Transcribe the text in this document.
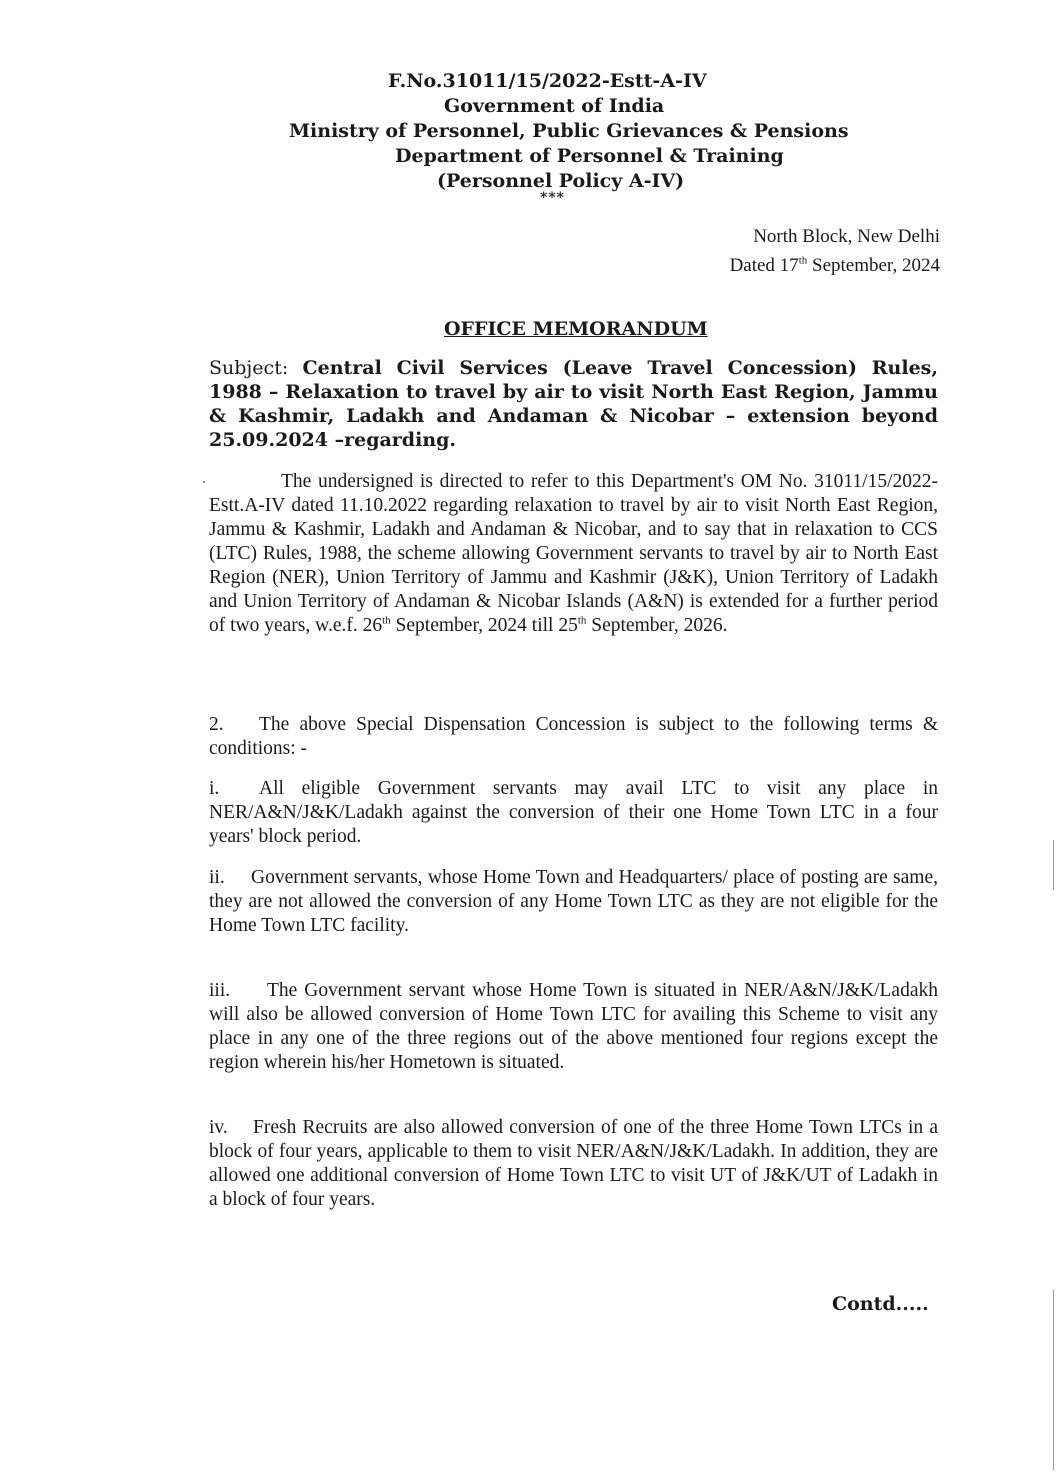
F.No.31011/15/2022-Estt-A-IV
Government of India
Ministry of Personnel, Public Grievances & Pensions
Department of Personnel & Training
(Personnel Policy A-IV)
***
North Block, New Delhi
Dated 17th September, 2024
OFFICE MEMORANDUM
Subject: Central Civil Services (Leave Travel Concession) Rules, 1988 – Relaxation to travel by air to visit North East Region, Jammu & Kashmir, Ladakh and Andaman & Nicobar – extension beyond 25.09.2024 –regarding.
The undersigned is directed to refer to this Department's OM No. 31011/15/2022-Estt.A-IV dated 11.10.2022 regarding relaxation to travel by air to visit North East Region, Jammu & Kashmir, Ladakh and Andaman & Nicobar, and to say that in relaxation to CCS (LTC) Rules, 1988, the scheme allowing Government servants to travel by air to North East Region (NER), Union Territory of Jammu and Kashmir (J&K), Union Territory of Ladakh and Union Territory of Andaman & Nicobar Islands (A&N) is extended for a further period of two years, w.e.f. 26th September, 2024 till 25th September, 2026.
2. The above Special Dispensation Concession is subject to the following terms & conditions: -
i. All eligible Government servants may avail LTC to visit any place in NER/A&N/J&K/Ladakh against the conversion of their one Home Town LTC in a four years' block period.
ii. Government servants, whose Home Town and Headquarters/ place of posting are same, they are not allowed the conversion of any Home Town LTC as they are not eligible for the Home Town LTC facility.
iii. The Government servant whose Home Town is situated in NER/A&N/J&K/Ladakh will also be allowed conversion of Home Town LTC for availing this Scheme to visit any place in any one of the three regions out of the above mentioned four regions except the region wherein his/her Hometown is situated.
iv. Fresh Recruits are also allowed conversion of one of the three Home Town LTCs in a block of four years, applicable to them to visit NER/A&N/J&K/Ladakh. In addition, they are allowed one additional conversion of Home Town LTC to visit UT of J&K/UT of Ladakh in a block of four years.
Contd.....
